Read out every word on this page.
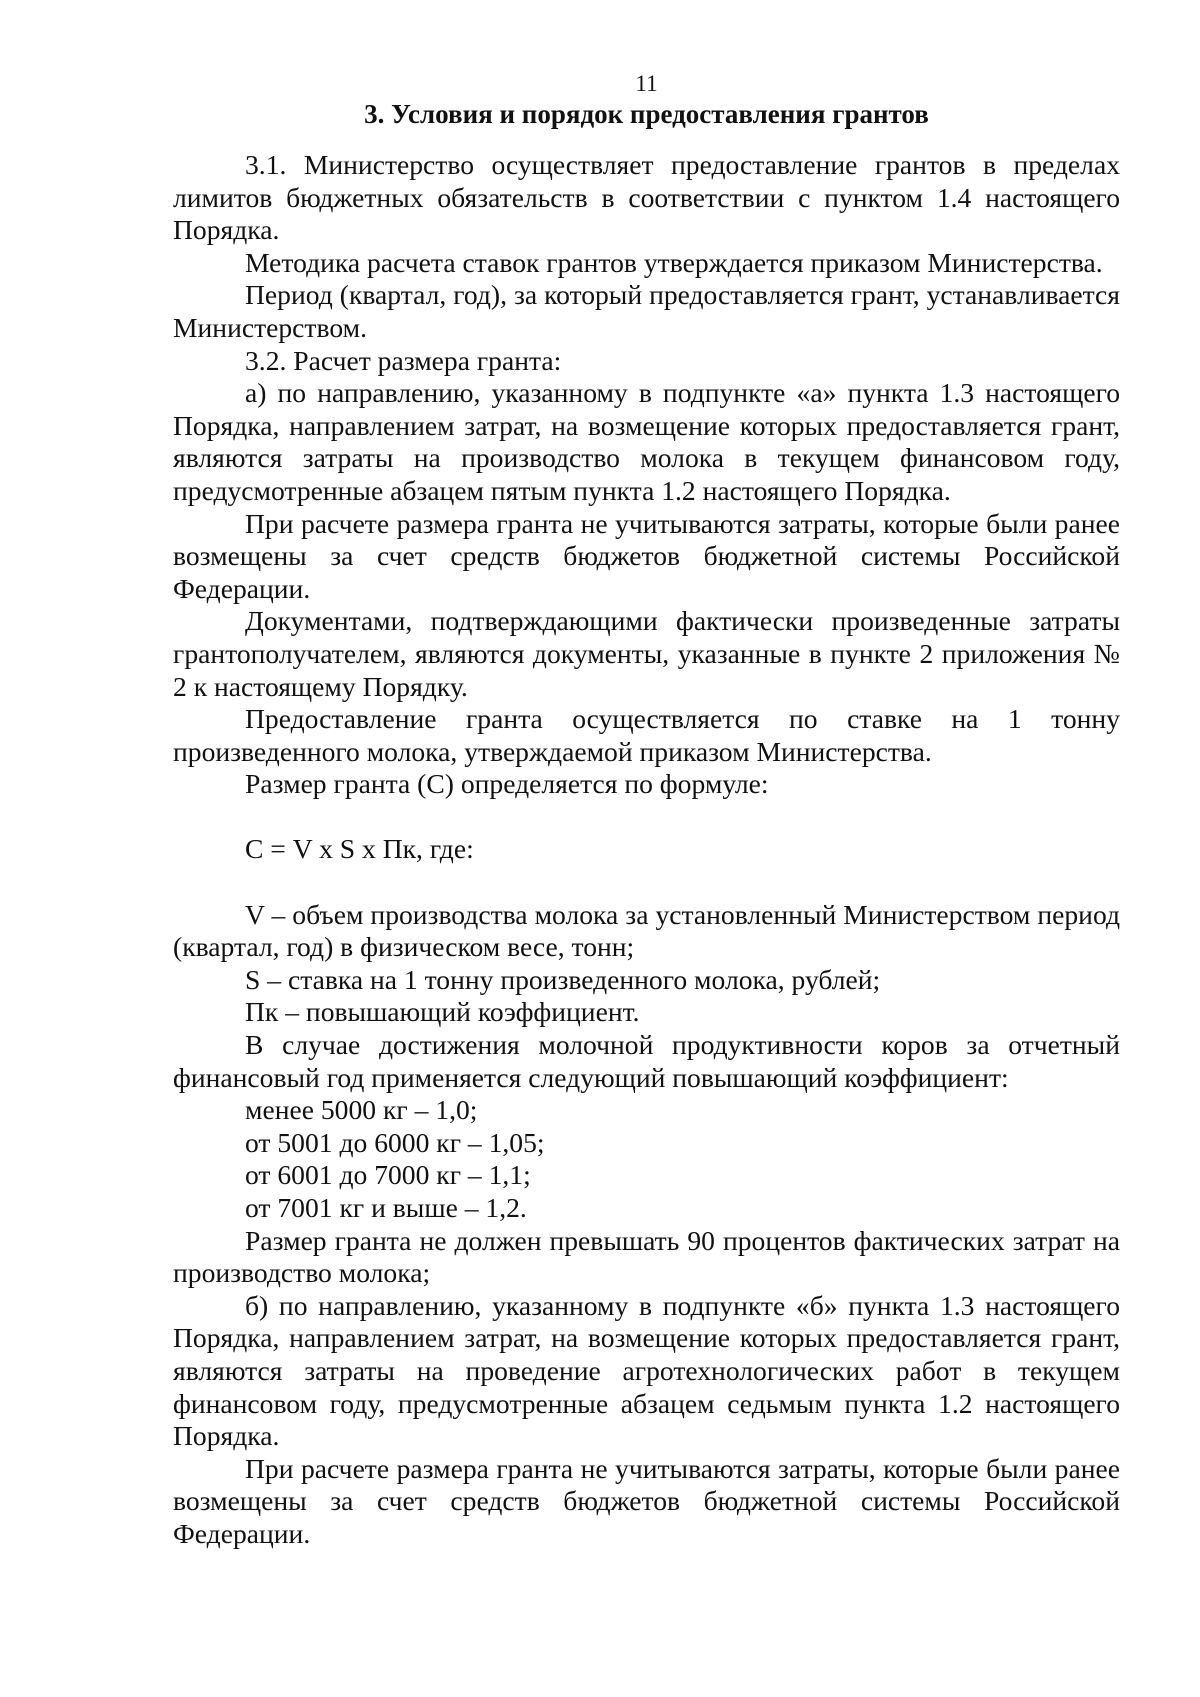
11
3. Условия и порядок предоставления грантов

3.1. Министерство осуществляет предоставление грантов в пределах лимитов бюджетных обязательств в соответствии с пунктом 1.4 настоящего Порядка.

Методика расчета ставок грантов утверждается приказом Министерства.

Период (квартал, год), за который предоставляется грант, устанавливается Министерством.

3.2. Расчет размера гранта:

а) по направлению, указанному в подпункте «а» пункта 1.3 настоящего Порядка, направлением затрат, на возмещение которых предоставляется грант, являются затраты на производство молока в текущем финансовом году, предусмотренные абзацем пятым пункта 1.2 настоящего Порядка.

При расчете размера гранта не учитываются затраты, которые были ранее возмещены за счет средств бюджетов бюджетной системы Российской Федерации.

Документами, подтверждающими фактически произведенные затраты грантополучателем, являются документы, указанные в пункте 2 приложения № 2 к настоящему Порядку.

Предоставление гранта осуществляется по ставке на 1 тонну произведенного молока, утверждаемой приказом Министерства.

Размер гранта (С) определяется по формуле:

С = V x S x Пк, где:

V – объем производства молока за установленный Министерством период (квартал, год) в физическом весе, тонн;

S – ставка на 1 тонну произведенного молока, рублей;

Пк – повышающий коэффициент.

В случае достижения молочной продуктивности коров за отчетный финансовый год применяется следующий повышающий коэффициент:

менее 5000 кг – 1,0;

от 5001 до 6000 кг – 1,05;

от 6001 до 7000 кг – 1,1;

от 7001 кг и выше – 1,2.

Размер гранта не должен превышать 90 процентов фактических затрат на производство молока;

б) по направлению, указанному в подпункте «б» пункта 1.3 настоящего Порядка, направлением затрат, на возмещение которых предоставляется грант, являются затраты на проведение агротехнологических работ в текущем финансовом году, предусмотренные абзацем седьмым пункта 1.2 настоящего Порядка.

При расчете размера гранта не учитываются затраты, которые были ранее возмещены за счет средств бюджетов бюджетной системы Российской Федерации.
